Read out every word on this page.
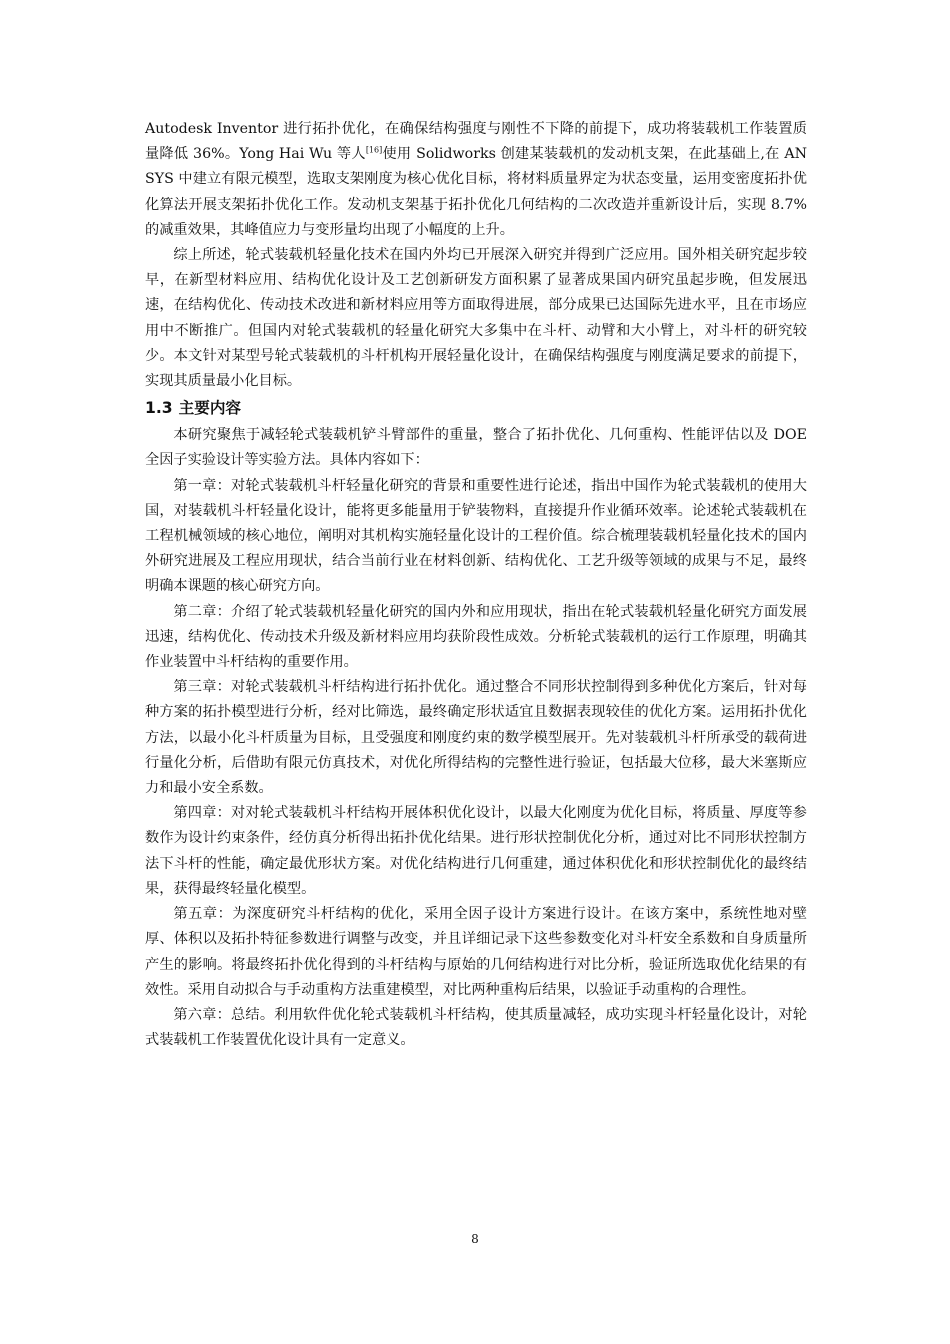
Autodesk Inventor 进行拓扑优化，在确保结构强度与刚性不下降的前提下，成功将装载机工作装置质量降低 36%。Yong Hai Wu 等人[16]使用 Solidworks 创建某装载机的发动机支架，在此基础上,在 ANSYS 中建立有限元模型，选取支架刚度为核心优化目标，将材料质量界定为状态变量，运用变密度拓扑优化算法开展支架拓扑优化工作。发动机支架基于拓扑优化几何结构的二次改造并重新设计后，实现 8.7%的减重效果，其峰值应力与变形量均出现了小幅度的上升。

综上所述，轮式装载机轻量化技术在国内外均已开展深入研究并得到广泛应用。国外相关研究起步较早，在新型材料应用、结构优化设计及工艺创新研发方面积累了显著成果国内研究虽起步晚，但发展迅速，在结构优化、传动技术改进和新材料应用等方面取得进展，部分成果已达国际先进水平，且在市场应用中不断推广。但国内对轮式装载机的轻量化研究大多集中在斗杆、动臂和大小臂上，对斗杆的研究较少。本文针对某型号轮式装载机的斗杆机构开展轻量化设计，在确保结构强度与刚度满足要求的前提下，实现其质量最小化目标。

1.3 主要内容

本研究聚焦于减轻轮式装载机铲斗臂部件的重量，整合了拓扑优化、几何重构、性能评估以及 DOE 全因子实验设计等实验方法。具体内容如下：

第一章：对轮式装载机斗杆轻量化研究的背景和重要性进行论述，指出中国作为轮式装载机的使用大国，对装载机斗杆轻量化设计，能将更多能量用于铲装物料，直接提升作业循环效率。论述轮式装载机在工程机械领域的核心地位，阐明对其机构实施轻量化设计的工程价值。综合梳理装载机轻量化技术的国内外研究进展及工程应用现状，结合当前行业在材料创新、结构优化、工艺升级等领域的成果与不足，最终明确本课题的核心研究方向。

第二章：介绍了轮式装载机轻量化研究的国内外和应用现状，指出在轮式装载机轻量化研究方面发展迅速，结构优化、传动技术升级及新材料应用均获阶段性成效。分析轮式装载机的运行工作原理，明确其作业装置中斗杆结构的重要作用。

第三章：对轮式装载机斗杆结构进行拓扑优化。通过整合不同形状控制得到多种优化方案后，针对每种方案的拓扑模型进行分析，经对比筛选，最终确定形状适宜且数据表现较佳的优化方案。运用拓扑优化方法，以最小化斗杆质量为目标，且受强度和刚度约束的数学模型展开。先对装载机斗杆所承受的载荷进行量化分析，后借助有限元仿真技术，对优化所得结构的完整性进行验证，包括最大位移，最大米塞斯应力和最小安全系数。

第四章：对对轮式装载机斗杆结构开展体积优化设计，以最大化刚度为优化目标，将质量、厚度等参数作为设计约束条件，经仿真分析得出拓扑优化结果。进行形状控制优化分析，通过对比不同形状控制方法下斗杆的性能，确定最优形状方案。对优化结构进行几何重建，通过体积优化和形状控制优化的最终结果，获得最终轻量化模型。

第五章：为深度研究斗杆结构的优化，采用全因子设计方案进行设计。在该方案中，系统性地对壁厚、体积以及拓扑特征参数进行调整与改变，并且详细记录下这些参数变化对斗杆安全系数和自身质量所产生的影响。将最终拓扑优化得到的斗杆结构与原始的几何结构进行对比分析，验证所选取优化结果的有效性。采用自动拟合与手动重构方法重建模型，对比两种重构后结果，以验证手动重构的合理性。

第六章：总结。利用软件优化轮式装载机斗杆结构，使其质量减轻，成功实现斗杆轻量化设计，对轮式装载机工作装置优化设计具有一定意义。

8
